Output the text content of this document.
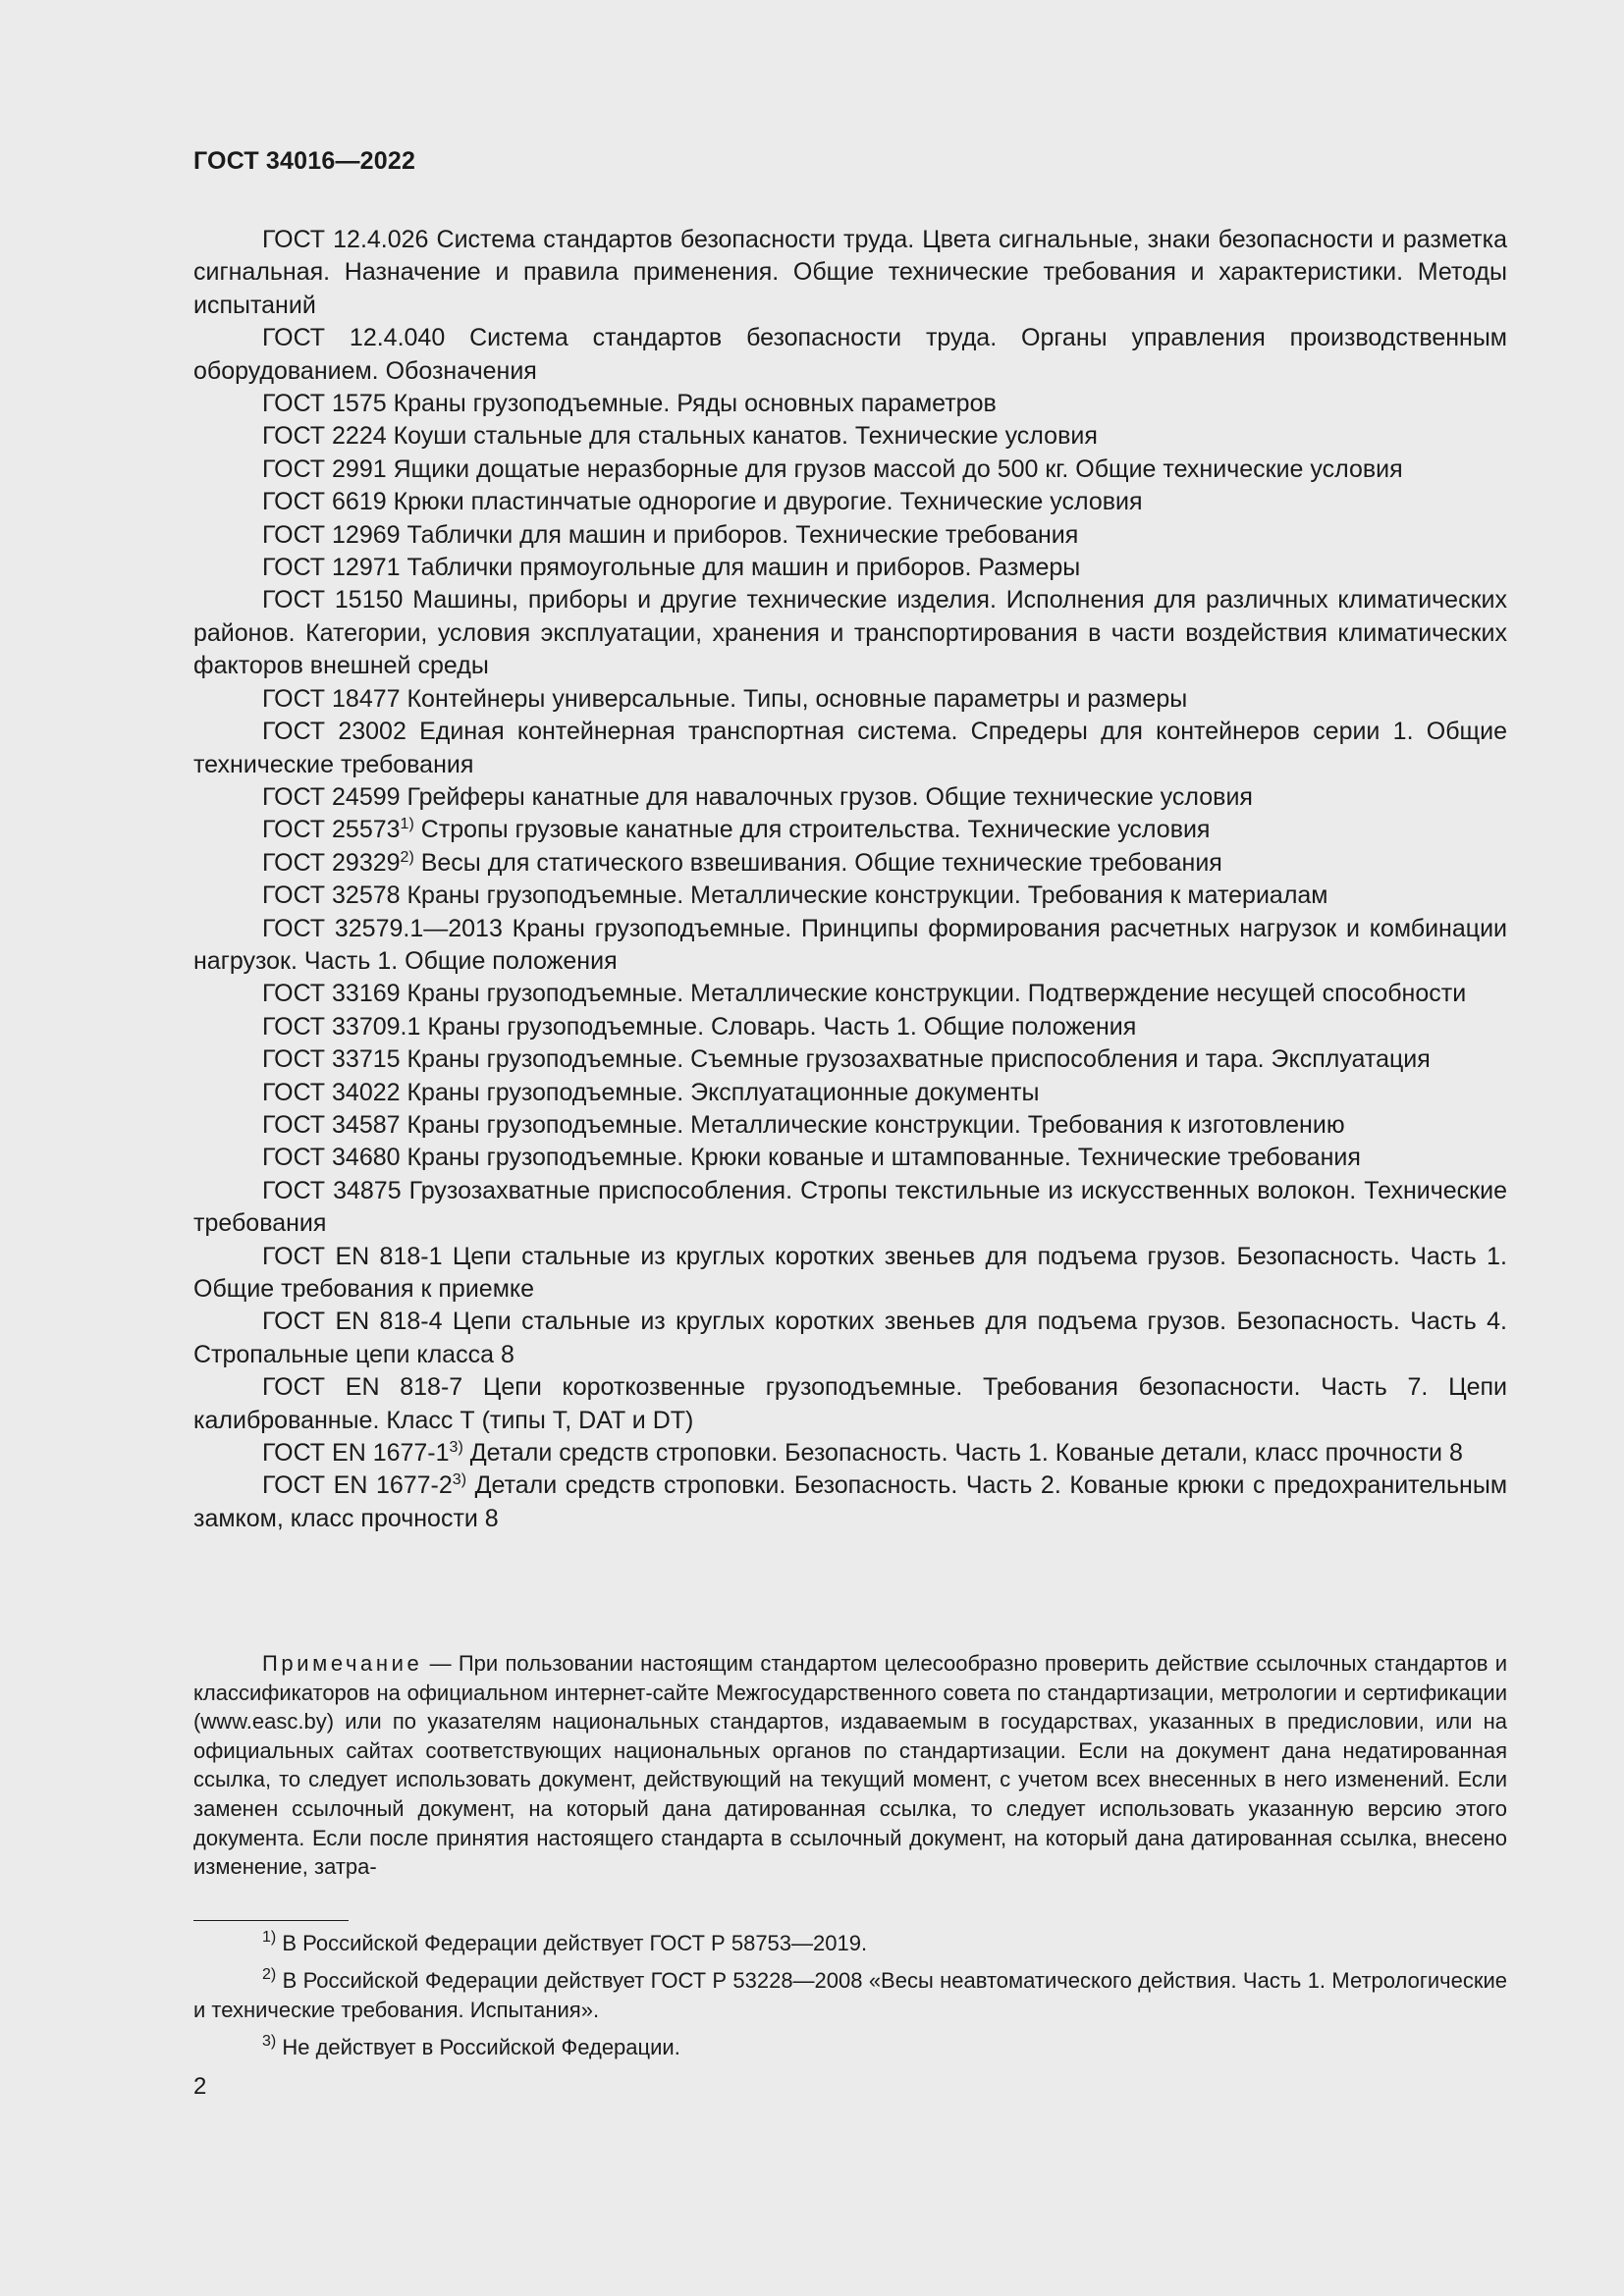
ГОСТ 34016—2022

ГОСТ 12.4.026 Система стандартов безопасности труда. Цвета сигнальные, знаки безопасности и разметка сигнальная. Назначение и правила применения. Общие технические требования и характеристики. Методы испытаний

ГОСТ 12.4.040 Система стандартов безопасности труда. Органы управления производственным оборудованием. Обозначения

ГОСТ 1575 Краны грузоподъемные. Ряды основных параметров

ГОСТ 2224 Коуши стальные для стальных канатов. Технические условия

ГОСТ 2991 Ящики дощатые неразборные для грузов массой до 500 кг. Общие технические условия

ГОСТ 6619 Крюки пластинчатые однорогие и двурогие. Технические условия

ГОСТ 12969 Таблички для машин и приборов. Технические требования

ГОСТ 12971 Таблички прямоугольные для машин и приборов. Размеры

ГОСТ 15150 Машины, приборы и другие технические изделия. Исполнения для различных климатических районов. Категории, условия эксплуатации, хранения и транспортирования в части воздействия климатических факторов внешней среды

ГОСТ 18477 Контейнеры универсальные. Типы, основные параметры и размеры

ГОСТ 23002 Единая контейнерная транспортная система. Спредеры для контейнеров серии 1. Общие технические требования

ГОСТ 24599 Грейферы канатные для навалочных грузов. Общие технические условия

ГОСТ 25573$^{1)}$ Стропы грузовые канатные для строительства. Технические условия

ГОСТ 29329$^{2)}$ Весы для статического взвешивания. Общие технические требования

ГОСТ 32578 Краны грузоподъемные. Металлические конструкции. Требования к материалам

ГОСТ 32579.1—2013 Краны грузоподъемные. Принципы формирования расчетных нагрузок и комбинации нагрузок. Часть 1. Общие положения

ГОСТ 33169 Краны грузоподъемные. Металлические конструкции. Подтверждение несущей способности

ГОСТ 33709.1 Краны грузоподъемные. Словарь. Часть 1. Общие положения

ГОСТ 33715 Краны грузоподъемные. Съемные грузозахватные приспособления и тара. Эксплуатация

ГОСТ 34022 Краны грузоподъемные. Эксплуатационные документы

ГОСТ 34587 Краны грузоподъемные. Металлические конструкции. Требования к изготовлению

ГОСТ 34680 Краны грузоподъемные. Крюки кованые и штампованные. Технические требования

ГОСТ 34875 Грузозахватные приспособления. Стропы текстильные из искусственных волокон. Технические требования

ГОСТ EN 818-1 Цепи стальные из круглых коротких звеньев для подъема грузов. Безопасность. Часть 1. Общие требования к приемке

ГОСТ EN 818-4 Цепи стальные из круглых коротких звеньев для подъема грузов. Безопасность. Часть 4. Стропальные цепи класса 8

ГОСТ EN 818-7 Цепи короткозвенные грузоподъемные. Требования безопасности. Часть 7. Цепи калиброванные. Класс Т (типы Т, DAT и DT)

ГОСТ EN 1677-1$^{3)}$ Детали средств строповки. Безопасность. Часть 1. Кованые детали, класс прочности 8

ГОСТ EN 1677-2$^{3)}$ Детали средств строповки. Безопасность. Часть 2. Кованые крюки с предохранительным замком, класс прочности 8

Примечание — При пользовании настоящим стандартом целесообразно проверить действие ссылочных стандартов и классификаторов на официальном интернет-сайте Межгосударственного совета по стандартизации, метрологии и сертификации (www.easc.by) или по указателям национальных стандартов, издаваемым в государствах, указанных в предисловии, или на официальных сайтах соответствующих национальных органов по стандартизации. Если на документ дана недатированная ссылка, то следует использовать документ, действующий на текущий момент, с учетом всех внесенных в него изменений. Если заменен ссылочный документ, на который дана датированная ссылка, то следует использовать указанную версию этого документа. Если после принятия настоящего стандарта в ссылочный документ, на который дана датированная ссылка, внесено изменение, затра-

$^{1)}$ В Российской Федерации действует ГОСТ Р 58753—2019.

$^{2)}$ В Российской Федерации действует ГОСТ Р 53228—2008 «Весы неавтоматического действия. Часть 1. Метрологические и технические требования. Испытания».

$^{3)}$ Не действует в Российской Федерации.

2
